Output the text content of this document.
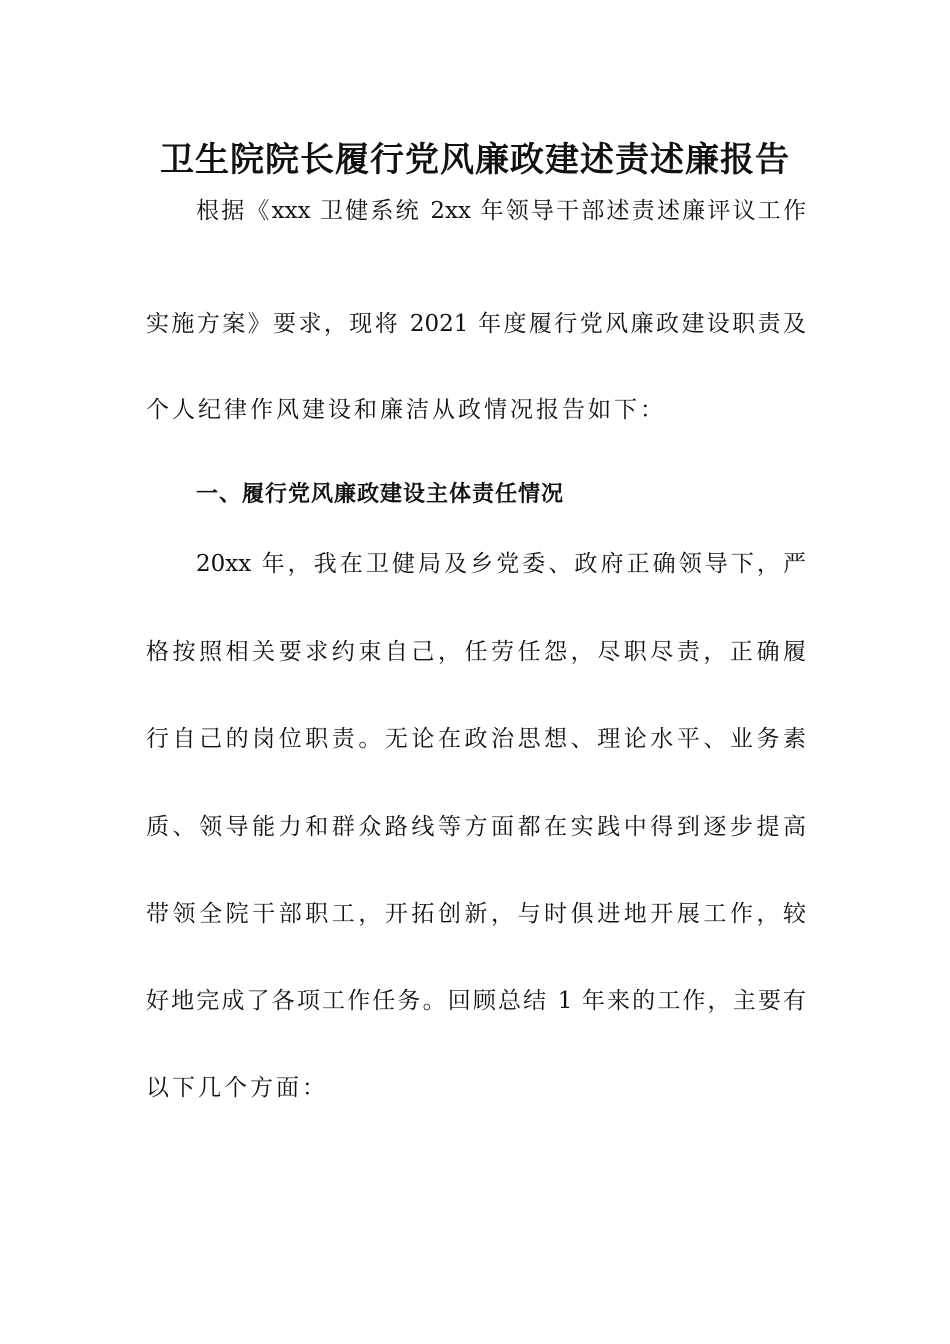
卫生院院长履行党风廉政建述责述廉报告
根据《xxx 卫健系统 2xx 年领导干部述责述廉评议工作
实施方案》要求，现将 2021 年度履行党风廉政建设职责及
个人纪律作风建设和廉洁从政情况报告如下：
一、履行党风廉政建设主体责任情况
20xx 年，我在卫健局及乡党委、政府正确领导下，严
格按照相关要求约束自己，任劳任怨，尽职尽责，正确履
行自己的岗位职责。无论在政治思想、理论水平、业务素
质、领导能力和群众路线等方面都在实践中得到逐步提高
带领全院干部职工，开拓创新，与时俱进地开展工作，较
好地完成了各项工作任务。回顾总结 1 年来的工作，主要有
以下几个方面：
